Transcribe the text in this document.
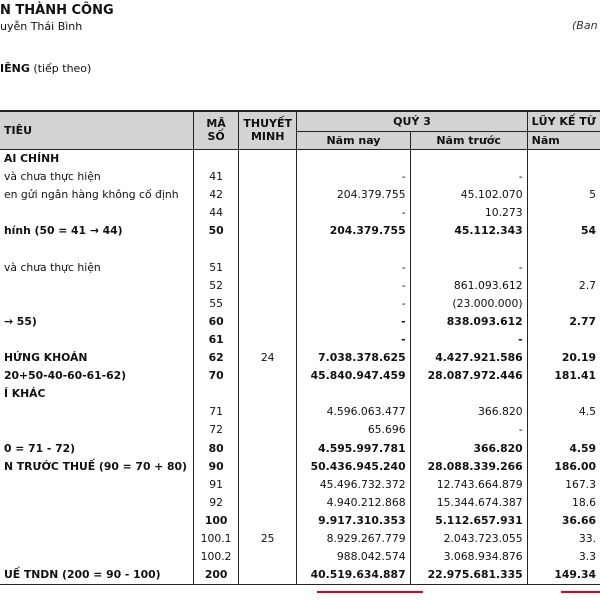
N THÀNH CÔNG
uyễn Thái Bình	(Ban
IÊNG (tiếp theo)
TIÊU	MÃ SỐ	THUYẾT MINH	QUÝ 3		LŨY KẾ TỪ
			Năm nay	Năm trước	Năm
AI CHÍNH					
và chưa thực hiện	41		-	-	
en gửi ngân hàng không cố định	42		204.379.755	45.102.070	5
	44		-	10.273	
hính (50 = 41 → 44)	50		204.379.755	45.112.343	54

và chưa thực hiện	51		-	-	
	52		-	861.093.612	2.7
	55		-	(23.000.000)	
→ 55)	60		-	838.093.612	2.77
	61		-	-	
HỨNG KHOÁN	62	24	7.038.378.625	4.427.921.586	20.19
20+50-40-60-61-62)	70		45.840.947.459	28.087.972.446	181.41
Í KHÁC					
	71		4.596.063.477	366.820	4.5
	72		65.696	-	
0 = 71 - 72)	80		4.595.997.781	366.820	4.59
N TRƯỚC THUẾ (90 = 70 + 80)	90		50.436.945.240	28.088.339.266	186.00
	91		45.496.732.372	12.743.664.879	167.3
	92		4.940.212.868	15.344.674.387	18.6
	100		9.917.310.353	5.112.657.931	36.66
	100.1	25	8.929.267.779	2.043.723.055	33.
	100.2		988.042.574	3.068.934.876	3.3
UẾ TNDN (200 = 90 - 100)	200		40.519.634.887	22.975.681.335	149.34
